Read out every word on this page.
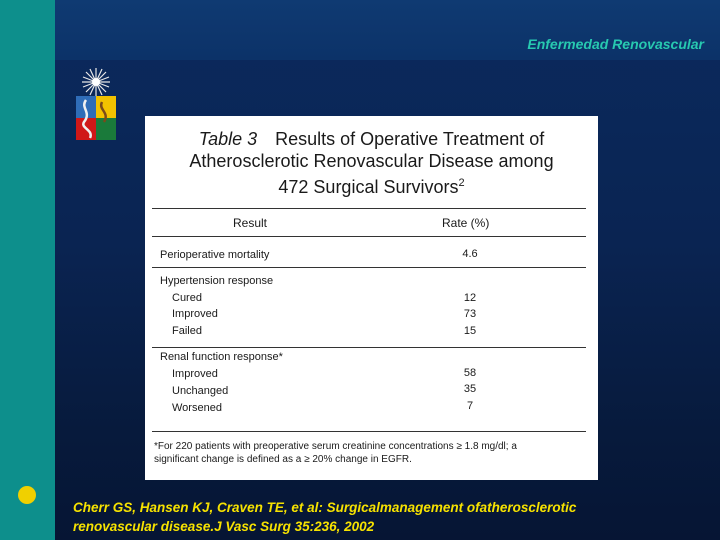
Enfermedad Renovascular
Table 3 Results of Operative Treatment of
Atherosclerotic Renovascular Disease among
472 Surgical Survivors$^2$
Result	Rate (%)
Perioperative mortality	4.6
Hypertension response
Cured	12
Improved	73
Failed	15
Renal function response*
Improved	58
Unchanged	35
Worsened	7
*For 220 patients with preoperative serum creatinine concentrations ≥ 1.8 mg/dl; a
significant change is defined as a ≥ 20% change in EGFR.
Cherr GS, Hansen KJ, Craven TE, et al: Surgicalmanagement ofatherosclerotic
renovascular disease.J Vasc Surg 35:236, 2002
